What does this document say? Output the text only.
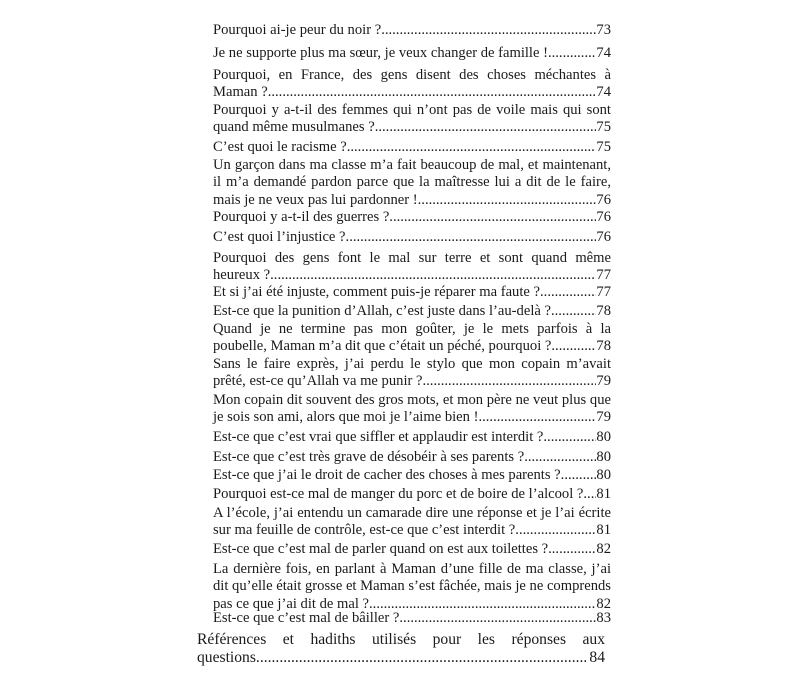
Pourquoi ai-je peur du noir ? .....	73
Je ne supporte plus ma sœur, je veux changer de famille ! .....	74
Pourquoi, en France, des gens disent des choses méchantes à
Maman ? .....	74
Pourquoi y a-t-il des femmes qui n’ont pas de voile mais qui sont
quand même musulmanes ? .....	75
C’est quoi le racisme ? .....	75
Un garçon dans ma classe m’a fait beaucoup de mal, et maintenant,
il m’a demandé pardon parce que la maîtresse lui a dit de le faire,
mais je ne veux pas lui pardonner ! .....	76
Pourquoi y a-t-il des guerres ? .....	76
C’est quoi l’injustice ? .....	76
Pourquoi des gens font le mal sur terre et sont quand même
heureux ? .....	77
Et si j’ai été injuste, comment puis-je réparer ma faute ? .....	77
Est-ce que la punition d’Allah, c’est juste dans l’au-delà ? .....	78
Quand je ne termine pas mon goûter, je le mets parfois à la
poubelle, Maman m’a dit que c’était un péché, pourquoi ? .....	78
Sans le faire exprès, j’ai perdu le stylo que mon copain m’avait
prêté, est-ce qu’Allah va me punir ? .....	79
Mon copain dit souvent des gros mots, et mon père ne veut plus que
je sois son ami, alors que moi je l’aime bien ! .....	79
Est-ce que c’est vrai que siffler et applaudir est interdit ? .....	80
Est-ce que c’est très grave de désobéir à ses parents ? .....	80
Est-ce que j’ai le droit de cacher des choses à mes parents ? ..... 80
Pourquoi est-ce mal de manger du porc et de boire de l’alcool ? ..... 81
A l’école, j’ai entendu un camarade dire une réponse et je l’ai écrite
sur ma feuille de contrôle, est-ce que c’est interdit ? .....	81
Est-ce que c’est mal de parler quand on est aux toilettes ? .....	82
La dernière fois, en parlant à Maman d’une fille de ma classe, j’ai
dit qu’elle était grosse et Maman s’est fâchée, mais je ne comprends
pas ce que j’ai dit de mal ? .....	82
Est-ce que c’est mal de bâiller ? .....	83
Références et hadiths utilisés pour les réponses aux
questions .....	84
